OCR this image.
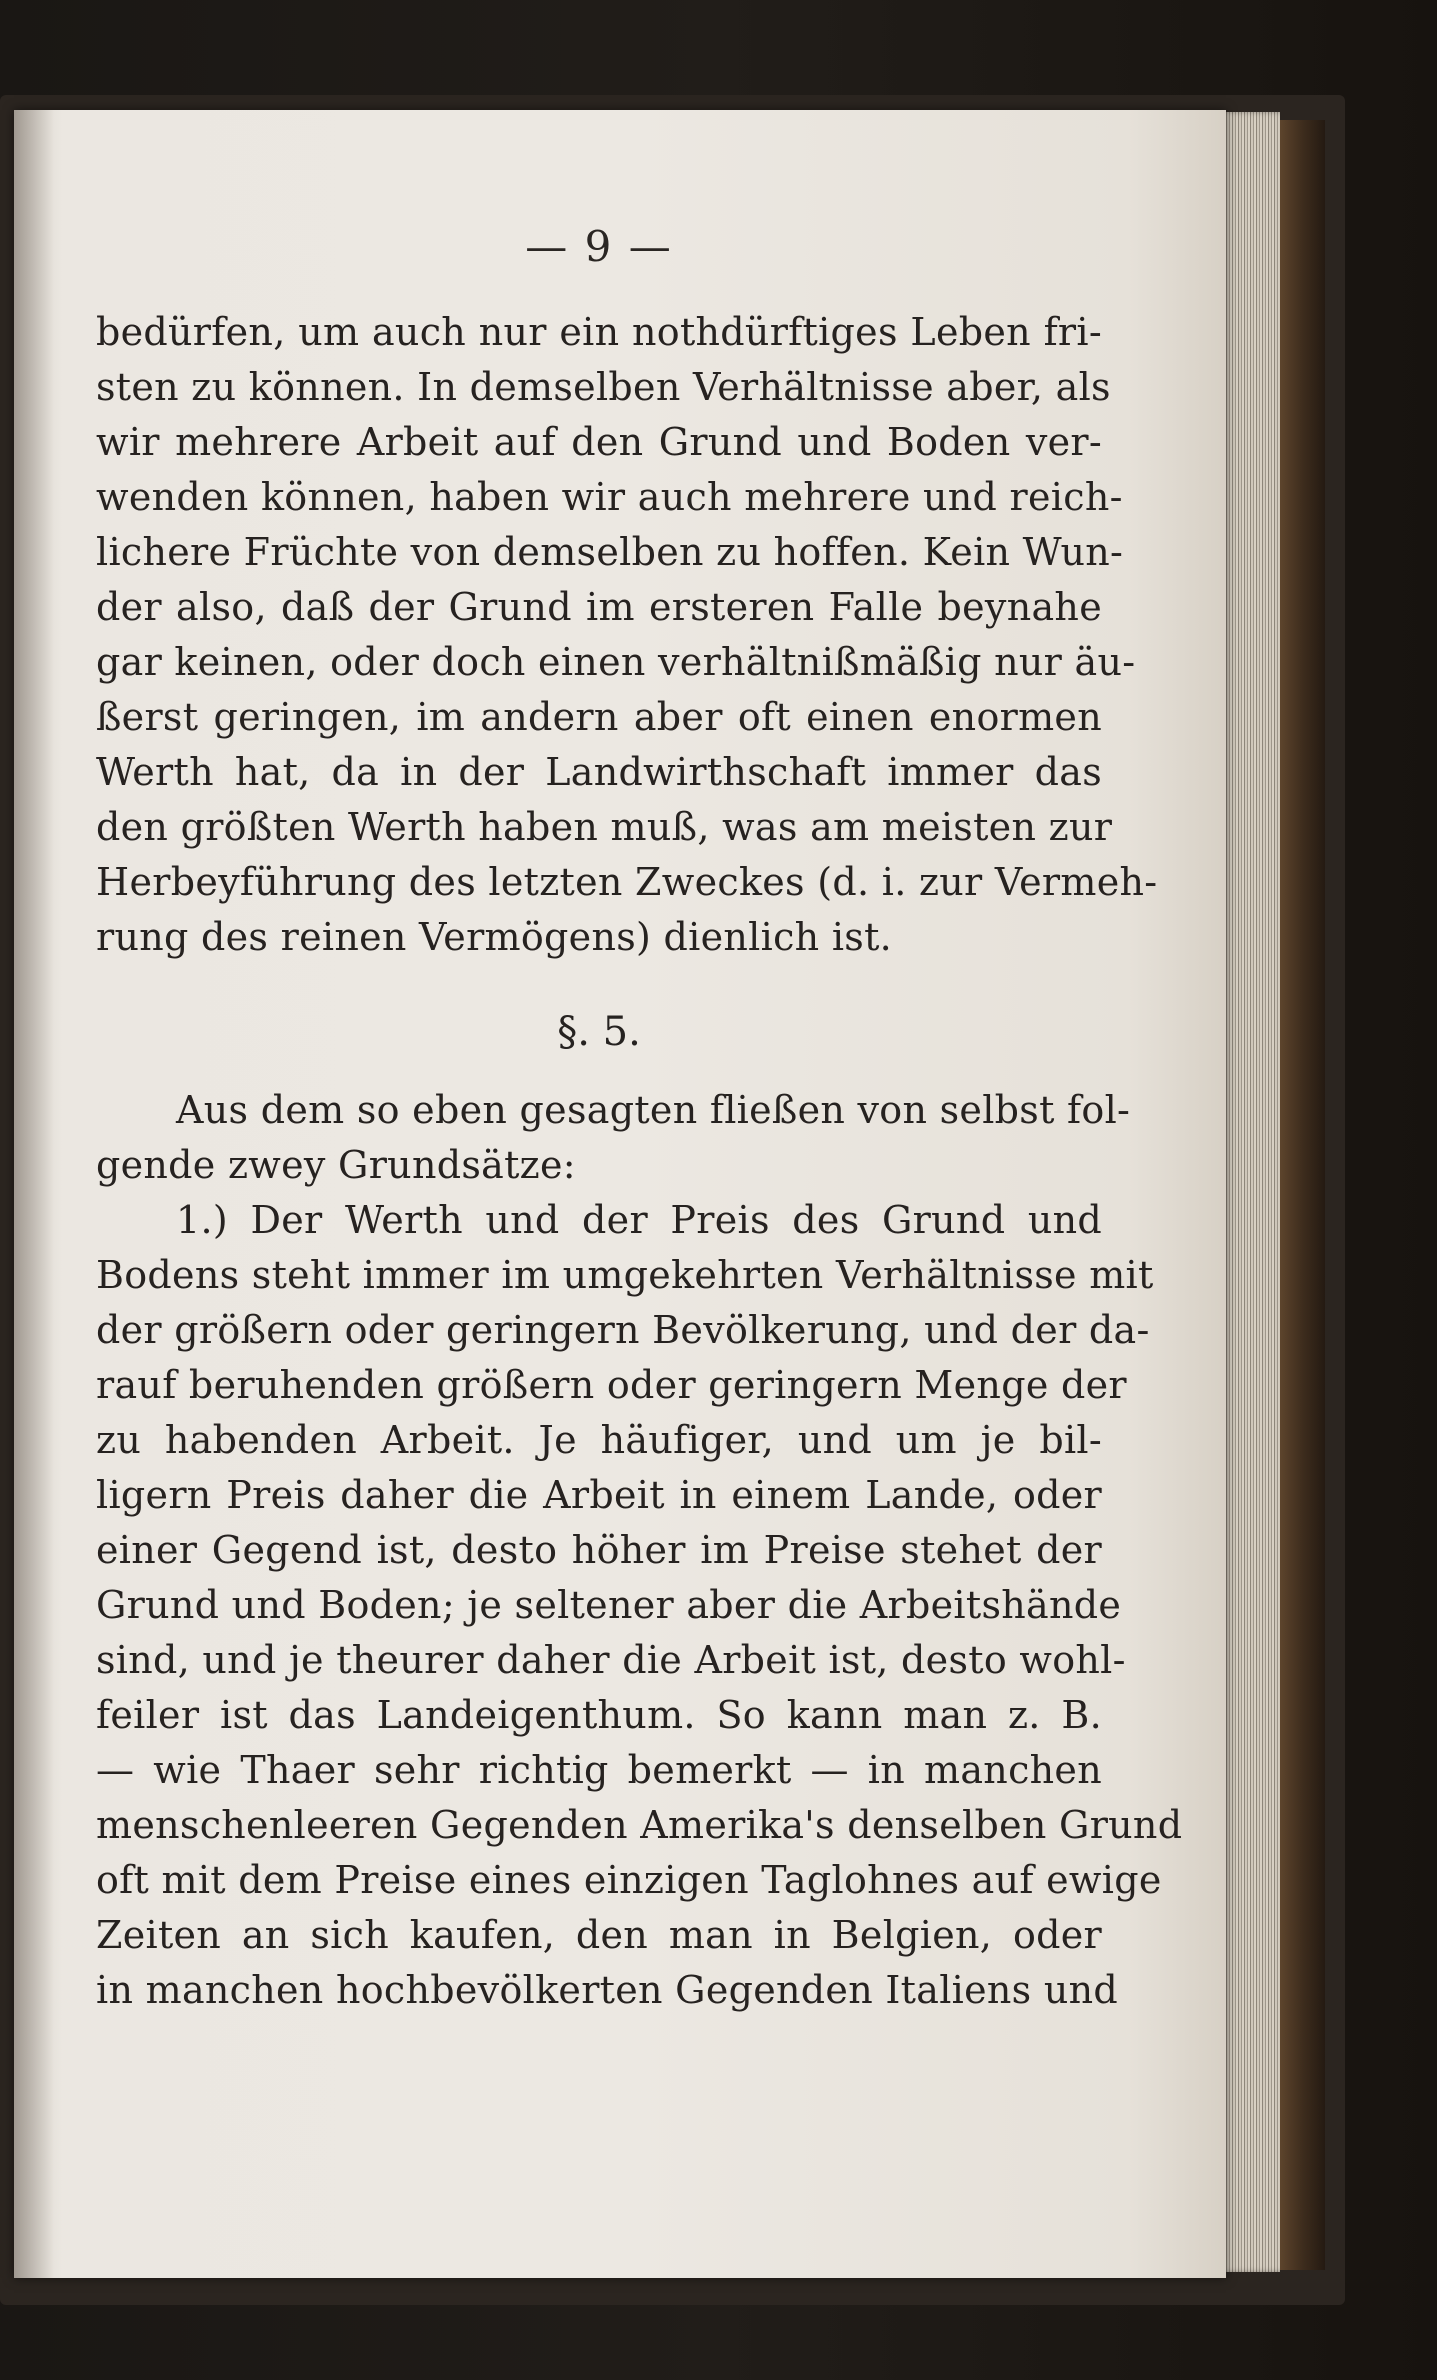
— 9 —
bedürfen, um auch nur ein nothdürftiges Leben fri-
sten zu können. In demselben Verhältnisse aber, als
wir mehrere Arbeit auf den Grund und Boden ver-
wenden können, haben wir auch mehrere und reich-
lichere Früchte von demselben zu hoffen. Kein Wun-
der also, daß der Grund im ersteren Falle beynahe
gar keinen, oder doch einen verhältnißmäßig nur äu-
ßerst geringen, im andern aber oft einen enormen
Werth hat, da in der Landwirthschaft immer das
den größten Werth haben muß, was am meisten zur
Herbeyführung des letzten Zweckes (d. i. zur Vermeh-
rung des reinen Vermögens) dienlich ist.
§. 5.
Aus dem so eben gesagten fließen von selbst fol-
gende zwey Grundsätze:
1.) Der Werth und der Preis des Grund und
Bodens steht immer im umgekehrten Verhältnisse mit
der größern oder geringern Bevölkerung, und der da-
rauf beruhenden größern oder geringern Menge der
zu habenden Arbeit. Je häufiger, und um je bil-
ligern Preis daher die Arbeit in einem Lande, oder
einer Gegend ist, desto höher im Preise stehet der
Grund und Boden; je seltener aber die Arbeitshände
sind, und je theurer daher die Arbeit ist, desto wohl-
feiler ist das Landeigenthum. So kann man z. B.
— wie Thaer sehr richtig bemerkt — in manchen
menschenleeren Gegenden Amerika's denselben Grund
oft mit dem Preise eines einzigen Taglohnes auf ewige
Zeiten an sich kaufen, den man in Belgien, oder
in manchen hochbevölkerten Gegenden Italiens und
